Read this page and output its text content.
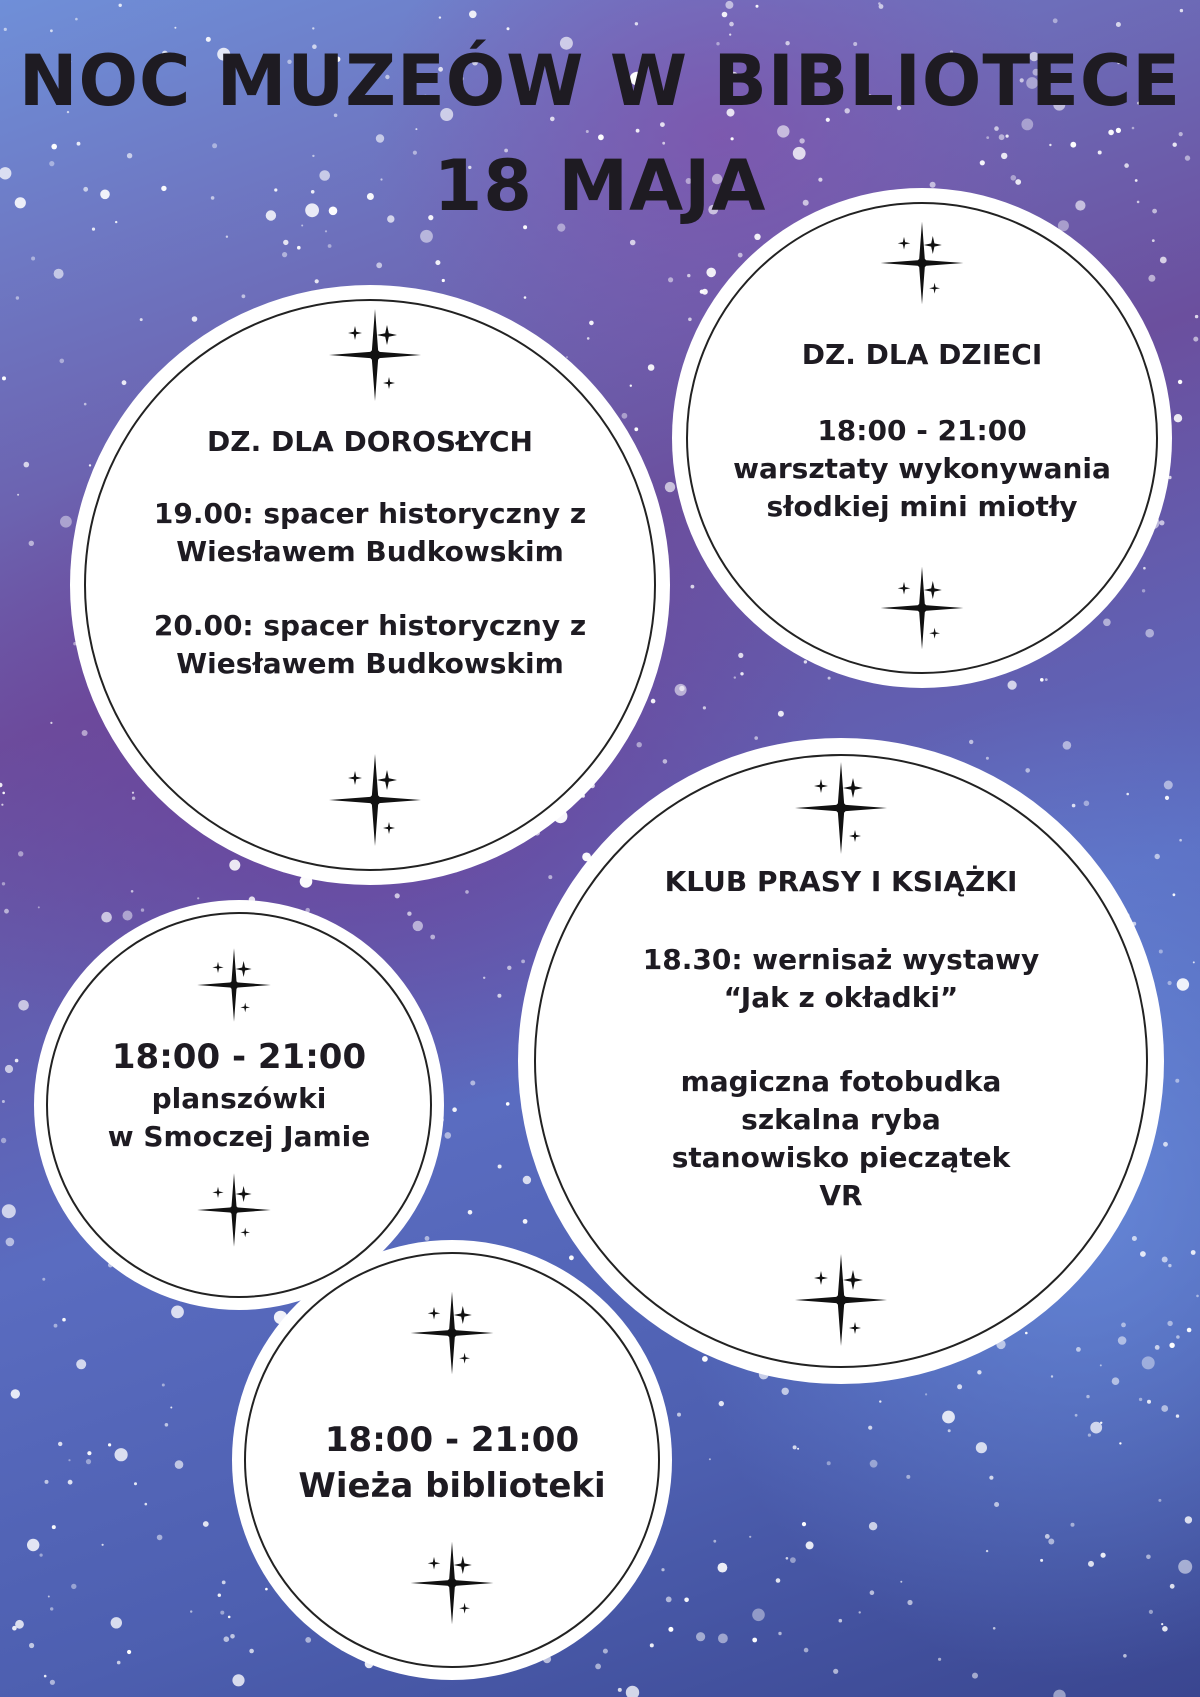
NOC MUZEÓW W BIBLIOTECE
18 MAJA
DZ. DLA DOROSŁYCH
19.00: spacer historyczny z
Wiesławem Budkowskim
20.00: spacer historyczny z
Wiesławem Budkowskim
DZ. DLA DZIECI
18:00 - 21:00
warsztaty wykonywania
słodkiej mini miotły
KLUB PRASY I KSIĄŻKI
18.30: wernisaż wystawy
“Jak z okładki”
magiczna fotobudka
szkalna ryba
stanowisko pieczątek
VR
18:00 - 21:00
planszówki
w Smoczej Jamie
18:00 - 21:00
Wieża biblioteki
